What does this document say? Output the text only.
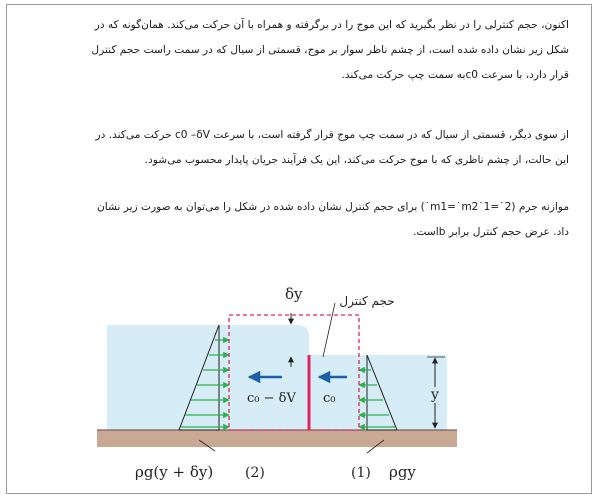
اکنون، حجم کنترلی را در نظر بگیرید که این موج را در برگرفته و همراه با آن حرکت می‌کند. همان‌گونه که در
شکل زیر نشان داده شده است، از چشم ناظر سوار بر موج، قسمتی از سیال که در سمت راست حجم کنترل
قرار دارد، با سرعت c0به سمت چپ حرکت می‌کند.
از سوی دیگر، قسمتی از سیال که در سمت چپ موج قرار گرفته است، با سرعت c0 –δV حرکت می‌کند. در
این حالت، از چشم ناظری که با موج حرکت می‌کند، این یک فرآیند جریان پایدار محسوب می‌شود.
موازنه جرم (m1=˙m2˙1=˙2˙) برای حجم کنترل نشان داده شده در شکل را می‌توان به صورت زیر نشان
داد. عرض حجم کنترل برابر bاست.
δy	حجم کنترل
y
c₀ − δV c₀
ρg(y + δy) (2)	(1) ρgy
